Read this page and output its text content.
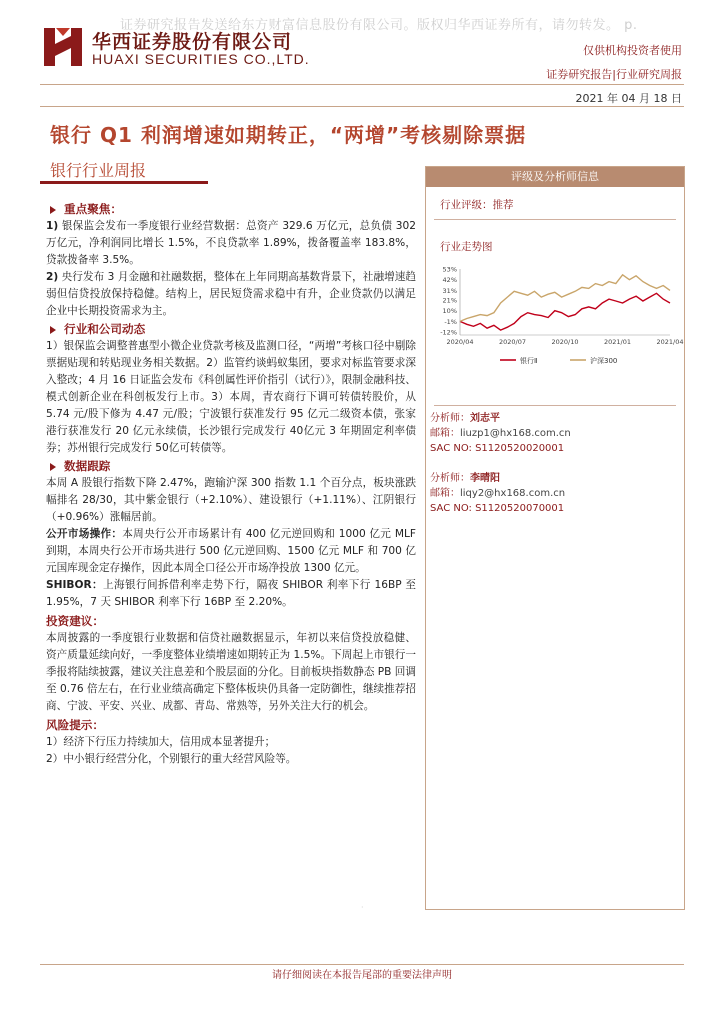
证券研究报告发送给东方财富信息股份有限公司。版权归华西证券所有，请勿转发。 p.
华西证券股份有限公司
HUAXI SECURITIES CO.,LTD.
仅供机构投资者使用
证券研究报告|行业研究周报
2021 年 04 月 18 日
银行 Q1 利润增速如期转正，“两增”考核剔除票据
银行行业周报
重点聚焦：
1) 银保监会发布一季度银行业经营数据：总资产 329.6 万亿元，总负债 302 万亿元，净利润同比增长 1.5%，不良贷款率 1.89%，拨备覆盖率 183.8%，贷款拨备率 3.5%。
2) 央行发布 3 月金融和社融数据，整体在上年同期高基数背景下，社融增速趋弱但信贷投放保持稳健。结构上，居民短贷需求稳中有升，企业贷款仍以满足企业中长期投资需求为主。
行业和公司动态
1）银保监会调整普惠型小微企业贷款考核及监测口径，“两增”考核口径中剔除票据贴现和转贴现业务相关数据。2）监管约谈蚂蚁集团，要求对标监管要求深入整改；4 月 16 日证监会发布《科创属性评价指引（试行）》，限制金融科技、模式创新企业在科创板发行上市。3）本周，青农商行下调可转债转股价，从 5.74 元/股下修为 4.47 元/股；宁波银行获准发行 95 亿元二级资本债，张家港行获准发行 20 亿元永续债，长沙银行完成发行 40亿元 3 年期固定利率债券；苏州银行完成发行 50亿可转债等。
数据跟踪
本周 A 股银行指数下降 2.47%，跑输沪深 300 指数 1.1 个百分点，板块涨跌幅排名 28/30，其中紫金银行（+2.10%）、建设银行（+1.11%）、江阴银行（+0.96%）涨幅居前。
公开市场操作：本周央行公开市场累计有 400 亿元逆回购和 1000 亿元 MLF 到期，本周央行公开市场共进行 500 亿元逆回购、1500 亿元 MLF 和 700 亿元国库现金定存操作，因此本周全口径公开市场净投放 1300 亿元。
SHIBOR：上海银行间拆借利率走势下行，隔夜 SHIBOR 利率下行 16BP 至 1.95%，7 天 SHIBOR 利率下行 16BP 至 2.20%。
投资建议：
本周披露的一季度银行业数据和信贷社融数据显示，年初以来信贷投放稳健、资产质量延续向好，一季度整体业绩增速如期转正为 1.5%。下周起上市银行一季报将陆续披露，建议关注息差和个股层面的分化。目前板块指数静态 PB 回调至 0.76 倍左右，在行业业绩高确定下整体板块仍具备一定防御性，继续推荐招商、宁波、平安、兴业、成都、青岛、常熟等，另外关注大行的机会。
风险提示：
1）经济下行压力持续加大，信用成本显著提升；
2）中小银行经营分化，个别银行的重大经营风险等。
评级及分析师信息
行业评级：推荐
行业走势图
53%
42%
31%
21%
10%
-1%
-12%
2020/04	2020/07	2020/10	2021/01	2021/04
银行Ⅱ	沪深300
分析师：刘志平
邮箱：liuzp1@hx168.com.cn
SAC NO: S1120520020001
分析师：李晴阳
邮箱：liqy2@hx168.com.cn
SAC NO: S1120520070001
·
请仔细阅读在本报告尾部的重要法律声明
